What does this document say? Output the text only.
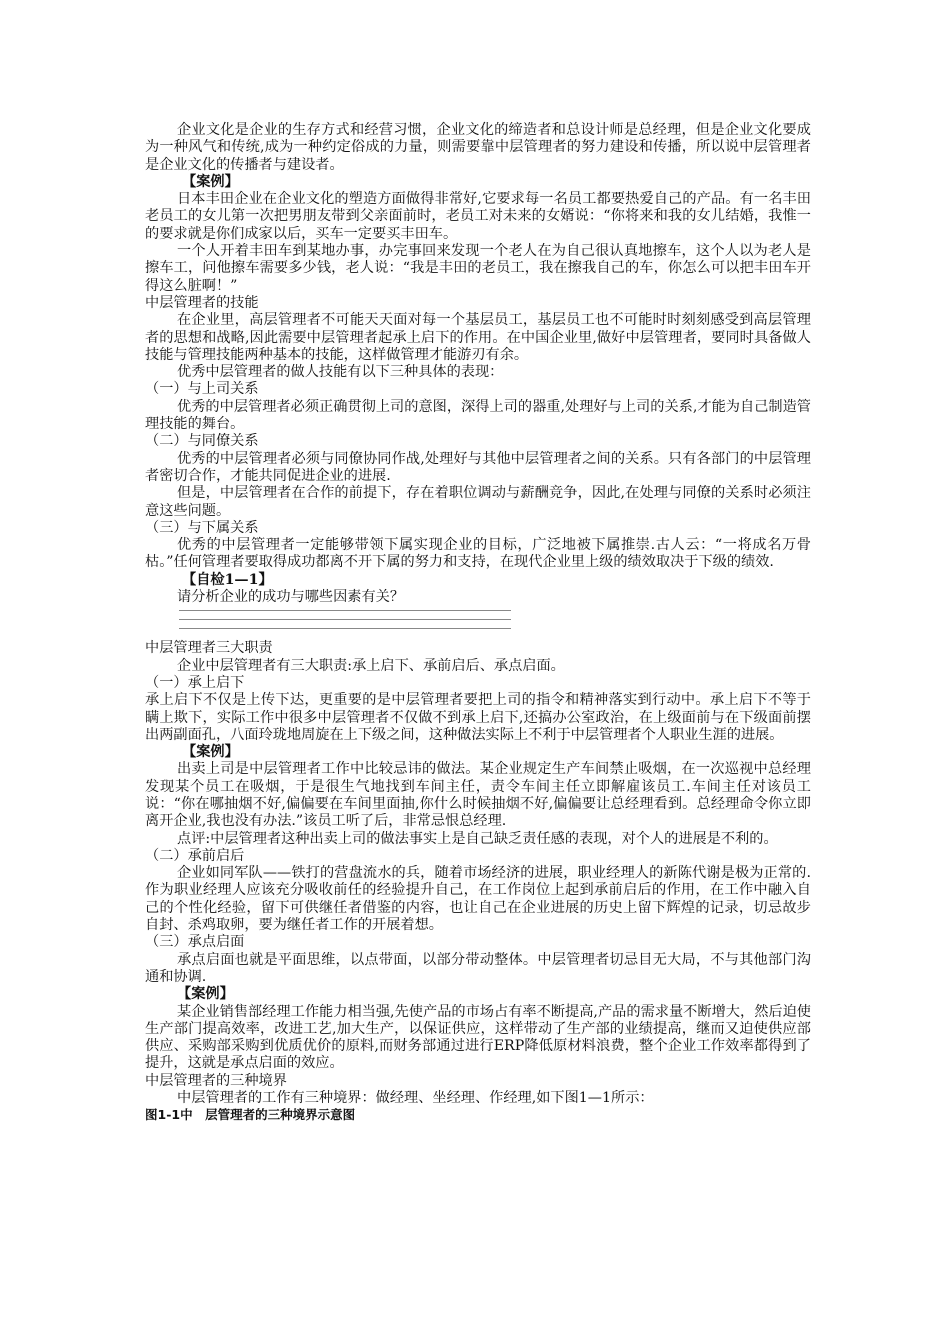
企业文化是企业的生存方式和经营习惯，企业文化的缔造者和总设计师是总经理，但是企业文化要成为一种风气和传统,成为一种约定俗成的力量，则需要靠中层管理者的努力建设和传播，所以说中层管理者是企业文化的传播者与建设者。

【案例】

日本丰田企业在企业文化的塑造方面做得非常好,它要求每一名员工都要热爱自己的产品。有一名丰田老员工的女儿第一次把男朋友带到父亲面前时，老员工对未来的女婿说：“你将来和我的女儿结婚，我惟一的要求就是你们成家以后，买车一定要买丰田车。

一个人开着丰田车到某地办事，办完事回来发现一个老人在为自己很认真地擦车，这个人以为老人是擦车工，问他擦车需要多少钱，老人说：“我是丰田的老员工，我在擦我自己的车，你怎么可以把丰田车开得这么脏啊！”

中层管理者的技能

在企业里，高层管理者不可能天天面对每一个基层员工，基层员工也不可能时时刻刻感受到高层管理者的思想和战略,因此需要中层管理者起承上启下的作用。在中国企业里,做好中层管理者，要同时具备做人技能与管理技能两种基本的技能，这样做管理才能游刃有余。

优秀中层管理者的做人技能有以下三种具体的表现：

（一）与上司关系

优秀的中层管理者必须正确贯彻上司的意图，深得上司的器重,处理好与上司的关系,才能为自己制造管理技能的舞台。

（二）与同僚关系

优秀的中层管理者必须与同僚协同作战,处理好与其他中层管理者之间的关系。只有各部门的中层管理者密切合作，才能共同促进企业的进展.

但是，中层管理者在合作的前提下，存在着职位调动与薪酬竞争，因此,在处理与同僚的关系时必须注意这些问题。

（三）与下属关系

优秀的中层管理者一定能够带领下属实现企业的目标，广泛地被下属推崇.古人云：“一将成名万骨枯。”任何管理者要取得成功都离不开下属的努力和支持，在现代企业里上级的绩效取决于下级的绩效.

【自检1—1】

请分析企业的成功与哪些因素有关？

中层管理者三大职责

企业中层管理者有三大职责:承上启下、承前启后、承点启面。

（一）承上启下

承上启下不仅是上传下达，更重要的是中层管理者要把上司的指令和精神落实到行动中。承上启下不等于瞒上欺下，实际工作中很多中层管理者不仅做不到承上启下,还搞办公室政治，在上级面前与在下级面前摆出两副面孔，八面玲珑地周旋在上下级之间，这种做法实际上不利于中层管理者个人职业生涯的进展。

【案例】

出卖上司是中层管理者工作中比较忌讳的做法。某企业规定生产车间禁止吸烟，在一次巡视中总经理发现某个员工在吸烟，于是很生气地找到车间主任，责令车间主任立即解雇该员工.车间主任对该员工说：“你在哪抽烟不好,偏偏要在车间里面抽,你什么时候抽烟不好,偏偏要让总经理看到。总经理命令你立即离开企业,我也没有办法.”该员工听了后，非常忌恨总经理.

点评:中层管理者这种出卖上司的做法事实上是自己缺乏责任感的表现，对个人的进展是不利的。

（二）承前启后

企业如同军队——铁打的营盘流水的兵，随着市场经济的进展，职业经理人的新陈代谢是极为正常的.作为职业经理人应该充分吸收前任的经验提升自己，在工作岗位上起到承前启后的作用，在工作中融入自己的个性化经验，留下可供继任者借鉴的内容，也让自己在企业进展的历史上留下辉煌的记录，切忌故步自封、杀鸡取卵，要为继任者工作的开展着想。

（三）承点启面

承点启面也就是平面思维，以点带面，以部分带动整体。中层管理者切忌目无大局，不与其他部门沟通和协调.

【案例】

某企业销售部经理工作能力相当强,先使产品的市场占有率不断提高,产品的需求量不断增大，然后迫使生产部门提高效率，改进工艺,加大生产，以保证供应，这样带动了生产部的业绩提高，继而又迫使供应部供应、采购部采购到优质优价的原料,而财务部通过进行ERP降低原材料浪费，整个企业工作效率都得到了提升，这就是承点启面的效应。

中层管理者的三种境界

中层管理者的工作有三种境界：做经理、坐经理、作经理,如下图1—1所示：

图1-1中　层管理者的三种境界示意图
